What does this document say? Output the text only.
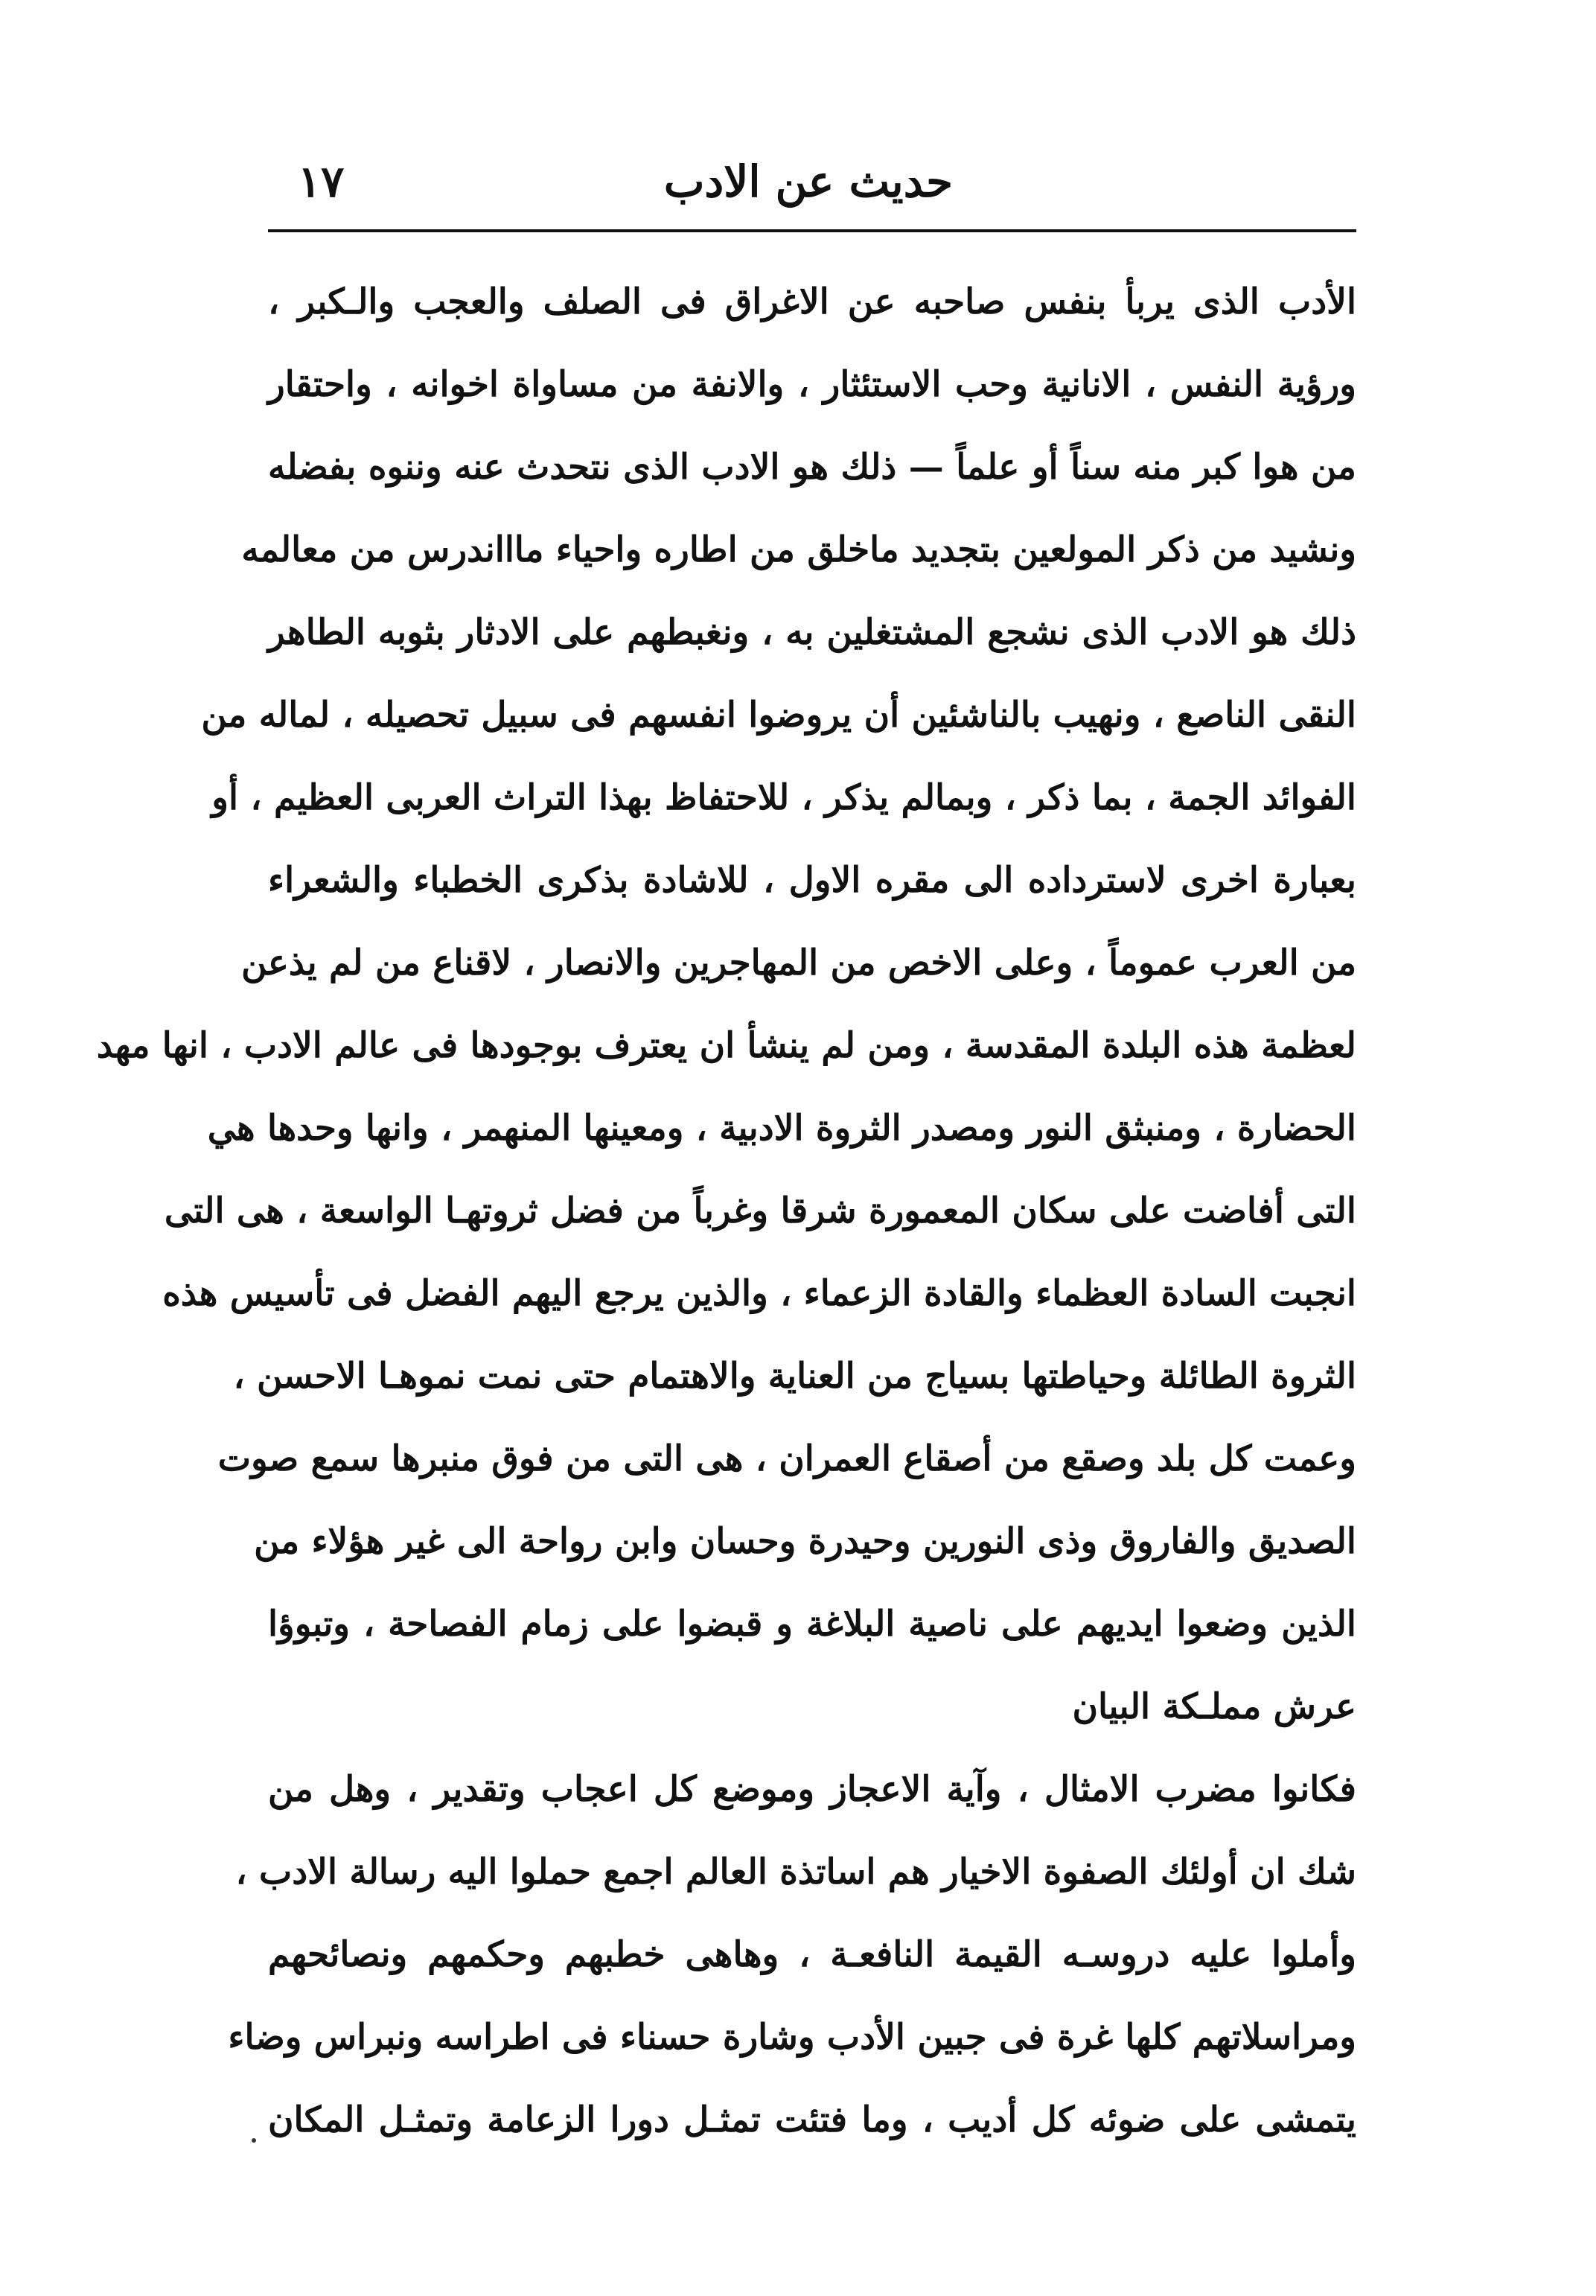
حديث عن الادب
١٧
الأدب الذى يربأ بنفس صاحبه عن الاغراق فى الصلف والعجب والـكبر ،
ورؤية النفس ، الانانية وحب الاستئثار ، والانفة من مساواة اخوانه ، واحتقار
من هوا كبر منه سناً أو علماً — ذلك هو الادب الذى نتحدث عنه وننوه بفضله
ونشيد من ذكر المولعين بتجديد ماخلق من اطاره واحياء ماااندرس من معالمه
ذلك هو الادب الذى نشجع المشتغلين به ، ونغبطهم على الادثار بثوبه الطاهر
النقى الناصع ، ونهيب بالناشئين أن يروضوا انفسهم فى سبيل تحصيله ، لماله من
الفوائد الجمة ، بما ذكر ، وبمالم يذكر ، للاحتفاظ بهذا التراث العربى العظيم ، أو
بعبارة اخرى لاسترداده الى مقره الاول ، للاشادة بذكرى الخطباء والشعراء
من العرب عموماً ، وعلى الاخص من المهاجرين والانصار ، لاقناع من لم يذعن
لعظمة هذه البلدة المقدسة ، ومن لم ينشأ ان يعترف بوجودها فى عالم الادب ، انها مهد
الحضارة ، ومنبثق النور ومصدر الثروة الادبية ، ومعينها المنهمر ، وانها وحدها هي
التى أفاضت على سكان المعمورة شرقا وغرباً من فضل ثروتهـا الواسعة ، هى التى
انجبت السادة العظماء والقادة الزعماء ، والذين يرجع اليهم الفضل فى تأسيس هذه
الثروة الطائلة وحياطتها بسياج من العناية والاهتمام حتى نمت نموهـا الاحسن ،
وعمت كل بلد وصقع من أصقاع العمران ، هى التى من فوق منبرها سمع صوت
الصديق والفاروق وذى النورين وحيدرة وحسان وابن رواحة الى غير هؤلاء من
الذين وضعوا ايديهم على ناصية البلاغة و قبضوا على زمام الفصاحة ، وتبوؤا
عرش مملـكة البيان
فكانوا مضرب الامثال ، وآية الاعجاز وموضع كل اعجاب وتقدير ، وهل من
شك ان أولئك الصفوة الاخيار هم اساتذة العالم اجمع حملوا اليه رسالة الادب ،
وأملوا عليه دروسـه القيمة النافعـة ، وهاهى خطبهم وحكمهم ونصائحهم
ومراسلاتهم كلها غرة فى جبين الأدب وشارة حسناء فى اطراسه ونبراس وضاء
يتمشى على ضوئه كل أديب ، وما فتئت تمثـل دورا الزعامة وتمثـل المكان
